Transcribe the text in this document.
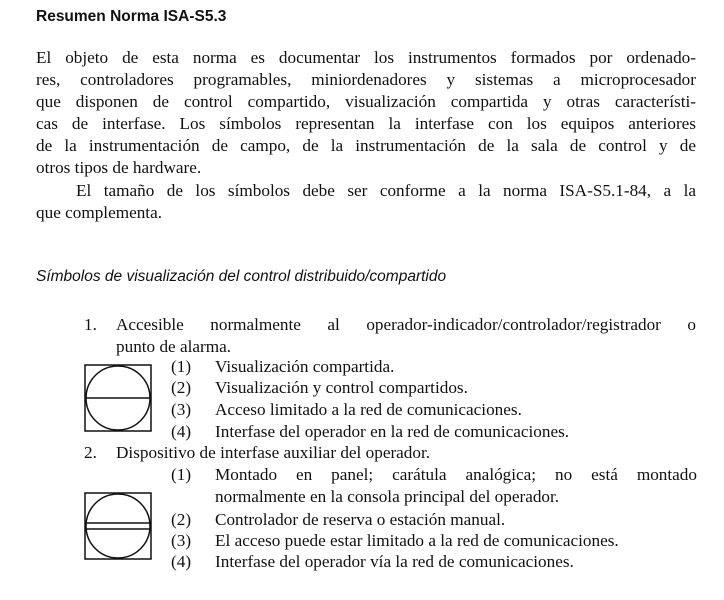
Resumen Norma ISA-S5.3
El objeto de esta norma es documentar los instrumentos formados por ordenado-
res, controladores programables, miniordenadores y sistemas a microprocesador
que disponen de control compartido, visualización compartida y otras característi-
cas de interfase. Los símbolos representan la interfase con los equipos anteriores
de la instrumentación de campo, de la instrumentación de la sala de control y de
otros tipos de hardware.
El tamaño de los símbolos debe ser conforme a la norma ISA-S5.1-84, a la
que complementa.
Símbolos de visualización del control distribuido/compartido
1.	Accesible normalmente al operador-indicador/controlador/registrador o
punto de alarma.
(1)	Visualización compartida.
(2)	Visualización y control compartidos.
(3)	Acceso limitado a la red de comunicaciones.
(4)	Interfase del operador en la red de comunicaciones.
2.	Dispositivo de interfase auxiliar del operador.
(1)	Montado en panel; carátula analógica; no está montado
normalmente en la consola principal del operador.
(2)	Controlador de reserva o estación manual.
(3)	El acceso puede estar limitado a la red de comunicaciones.
(4)	Interfase del operador vía la red de comunicaciones.
